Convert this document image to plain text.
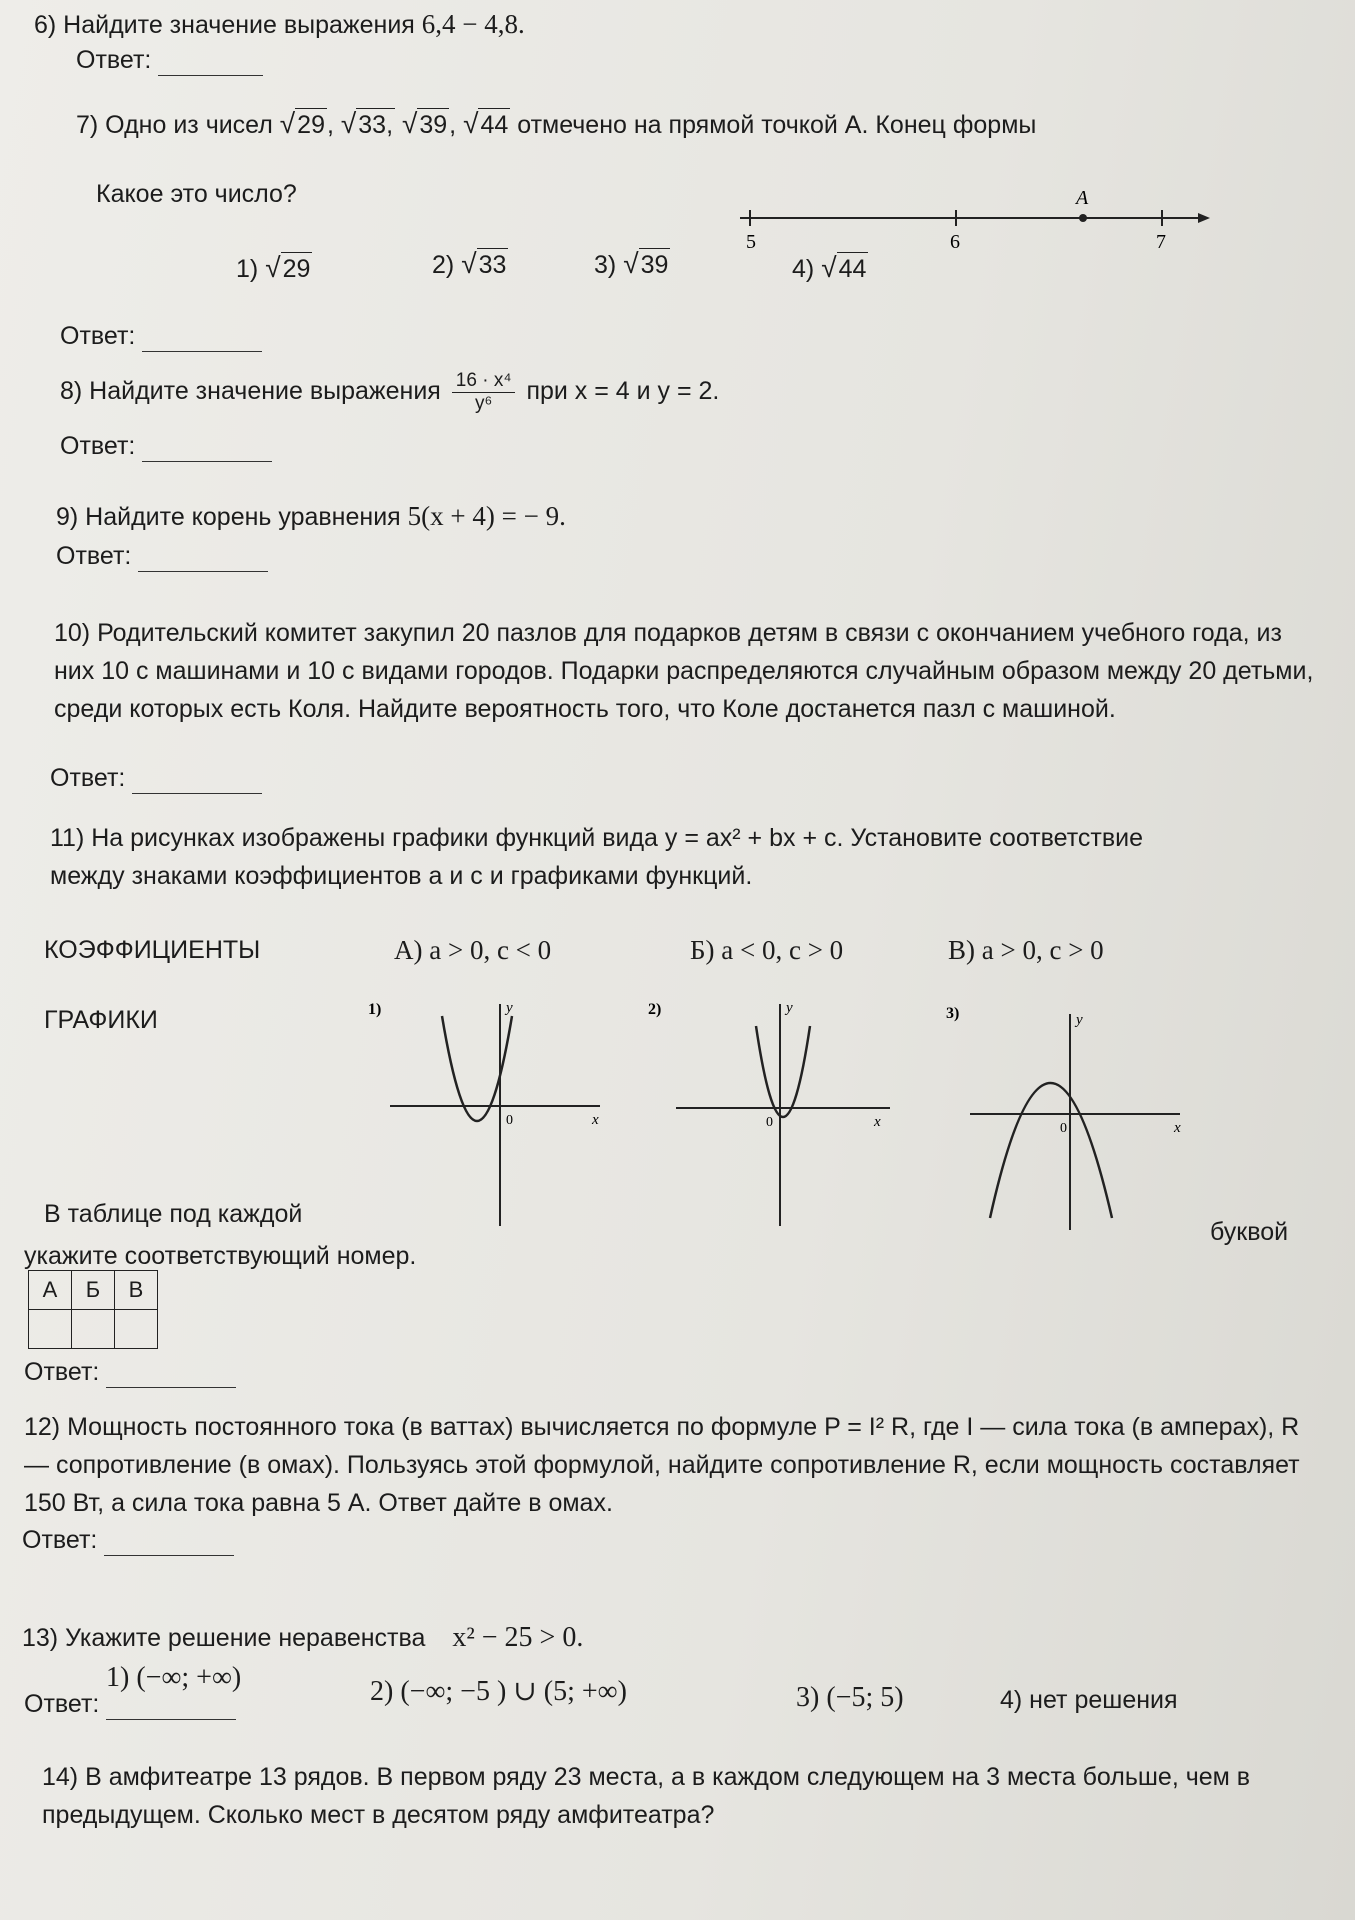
6) Найдите значение выражения 6,4 − 4,8.
Ответ:
7) Одно из чисел √29, √33, √39, √44 отмечено на прямой точкой А. Конец формы
Какое это число?	A
5	6	7
1) √29	2) √33	3) √39	4) √44
Ответ:
8) Найдите значение выражения $\frac{\text{16 · x⁴}}{\text{y⁶}}$ при x = 4 и y = 2.
Ответ:
9) Найдите корень уравнения 5(x + 4) = − 9.
Ответ:
10) Родительский комитет закупил 20 пазлов для подарков детям в связи с окончанием учебного года, из них 10 с машинами и 10 с видами городов. Подарки распределяются случайным образом между 20 детьми, среди которых есть Коля. Найдите вероятность того, что Коле достанется пазл с машиной.
Ответ:
11) На рисунках изображены графики функций вида y = ax² + bx + c. Установите соответствие
между знаками коэффициентов a и c и графиками функций.
КОЭФФИЦИЕНТЫ	А) a > 0, c < 0	Б) a < 0, c > 0	В) a > 0, c > 0
ГРАФИКИ	1)	y
x
0
2)	y
x
0
3)	y
x
0
В таблице под каждой
буквой
укажите соответствующий номер.
А	Б	В

Ответ:
12) Мощность постоянного тока (в ваттах) вычисляется по формуле P = I² R, где I — сила тока (в амперах), R — сопротивление (в омах). Пользуясь этой формулой, найдите сопротивление R, если мощность составляет 150 Вт, а сила тока равна 5 А. Ответ дайте в омах.
Ответ:
13) Укажите решение неравенства x² − 25 > 0.
1) (−∞; +∞)	2) (−∞; −5 ) ∪ (5; +∞)	3) (−5; 5)	4) нет решения
Ответ:
14) В амфитеатре 13 рядов. В первом ряду 23 места, а в каждом следующем на 3 места больше, чем в предыдущем. Сколько мест в десятом ряду амфитеатра?
